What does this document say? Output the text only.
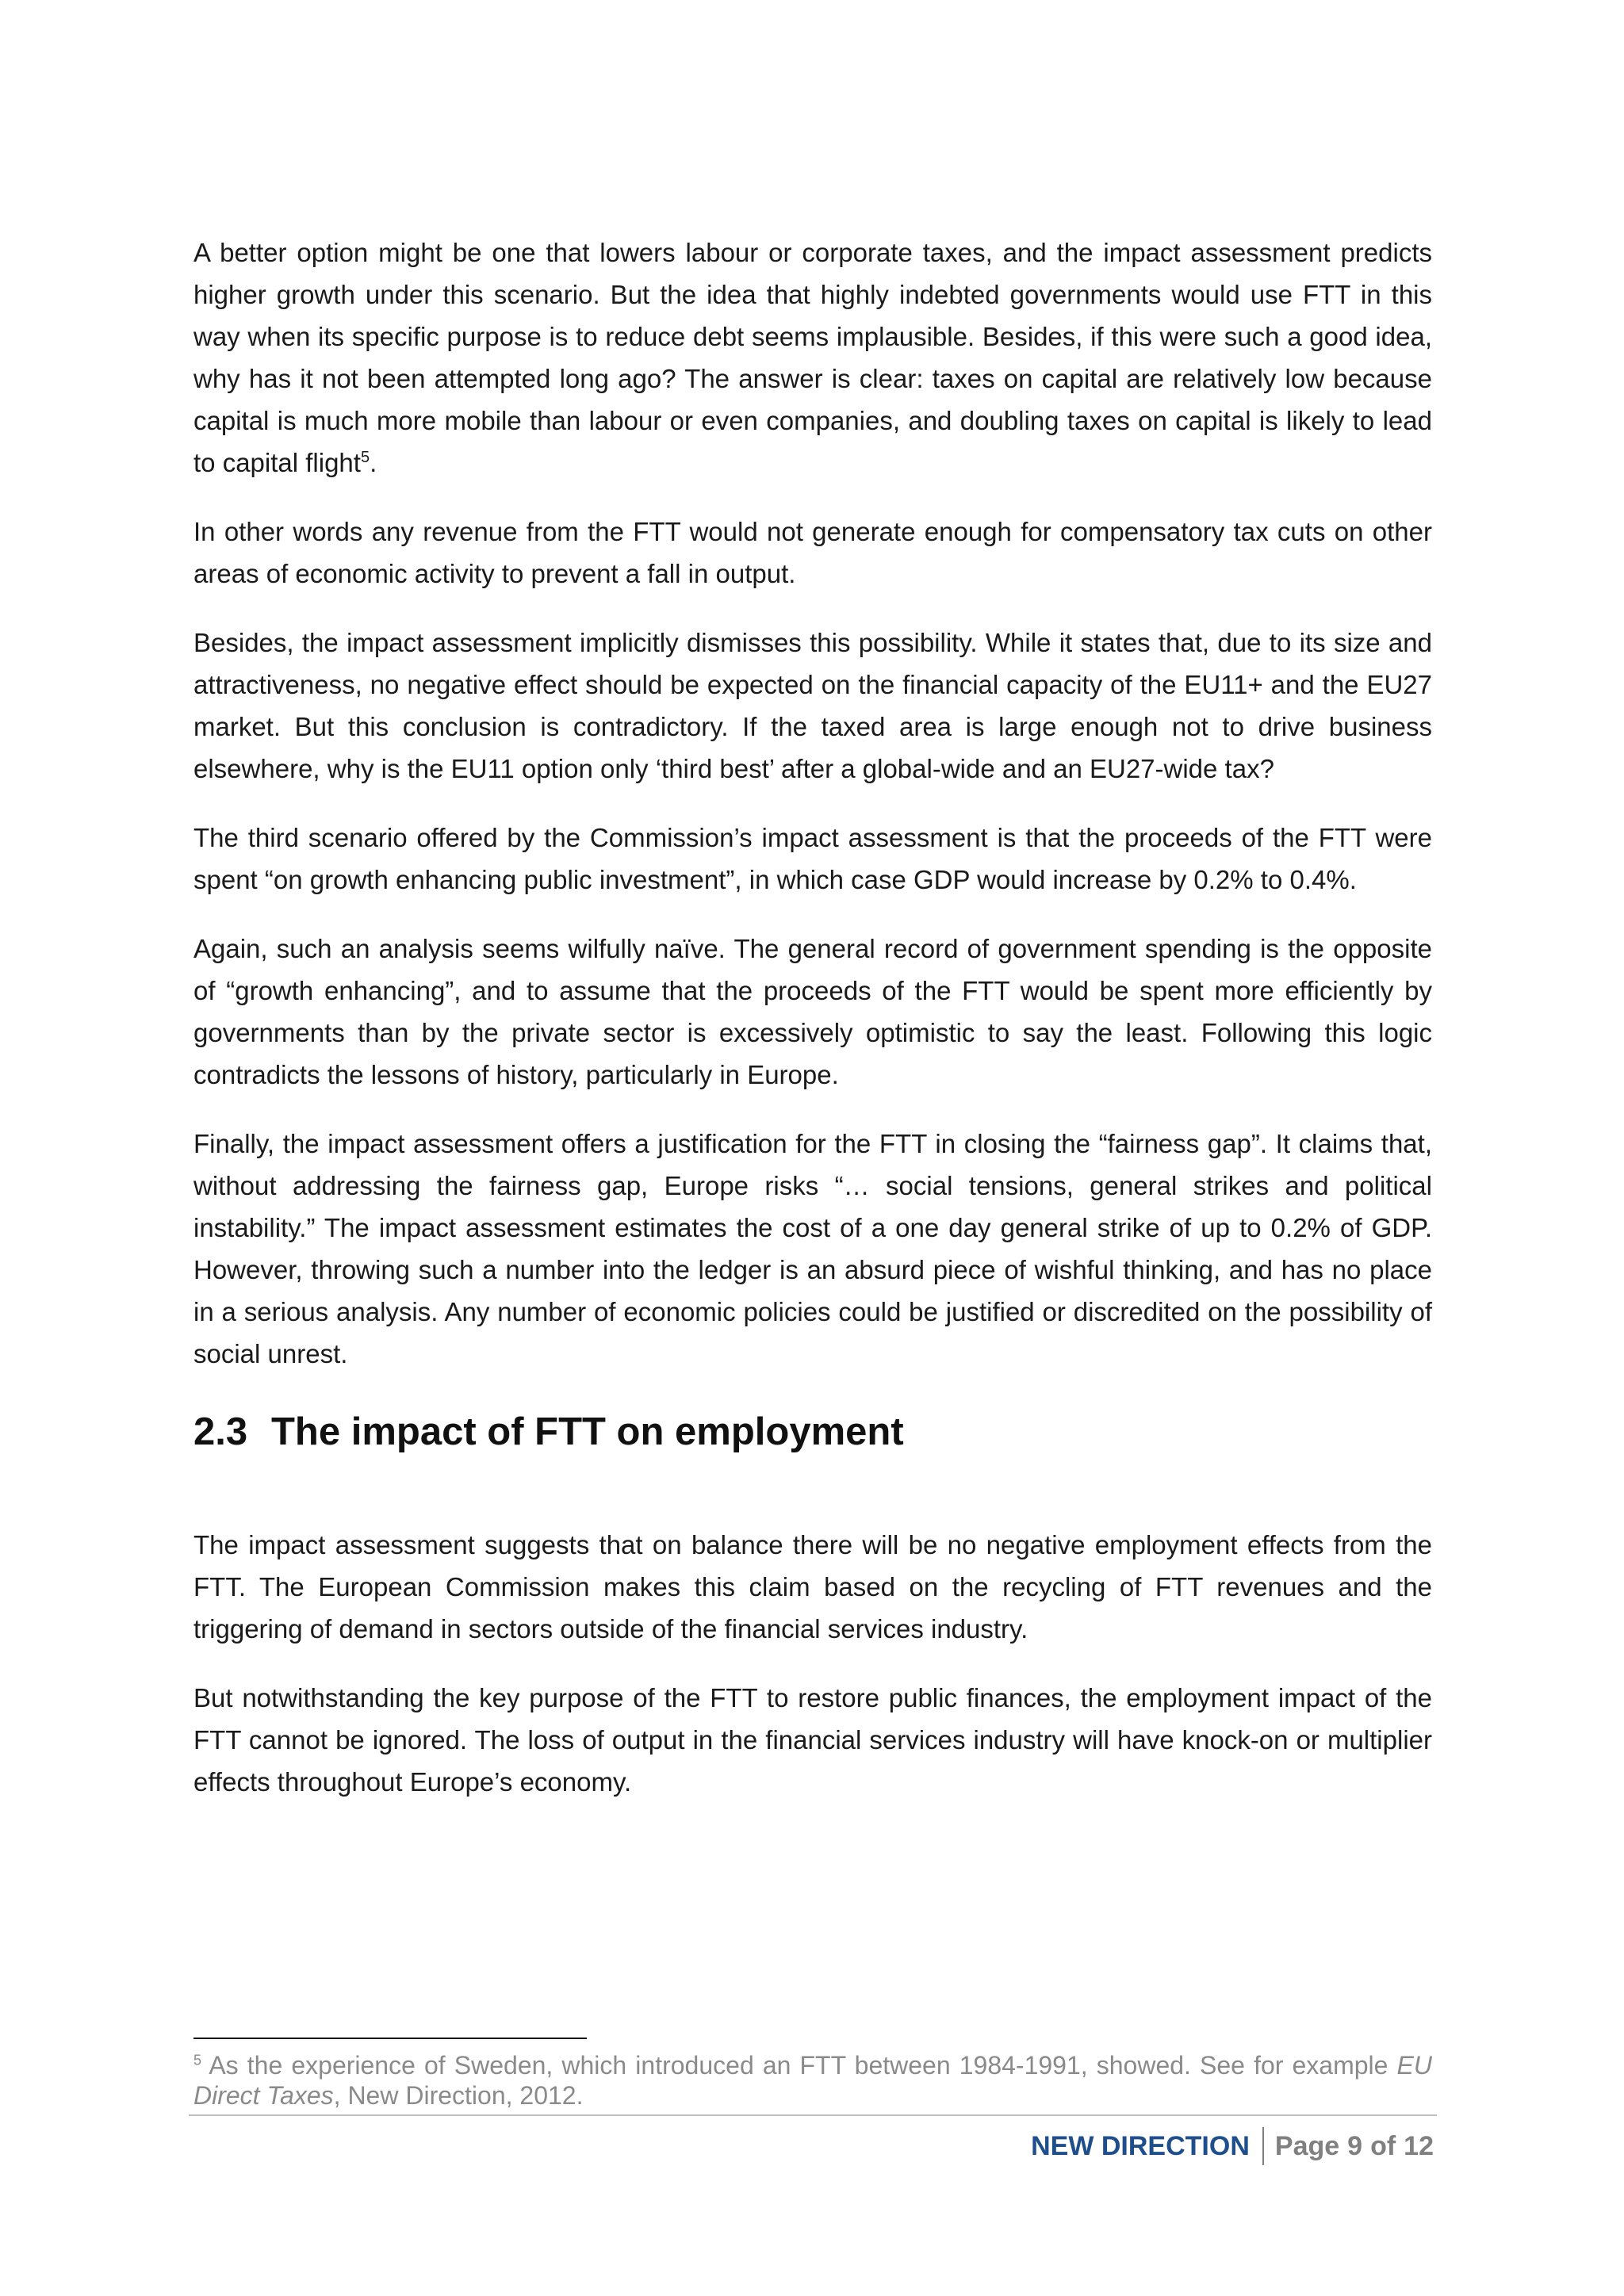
A better option might be one that lowers labour or corporate taxes, and the impact assessment predicts higher growth under this scenario. But the idea that highly indebted governments would use FTT in this way when its specific purpose is to reduce debt seems implausible. Besides, if this were such a good idea, why has it not been attempted long ago? The answer is clear: taxes on capital are relatively low because capital is much more mobile than labour or even companies, and doubling taxes on capital is likely to lead to capital flight$^5$.

In other words any revenue from the FTT would not generate enough for compensatory tax cuts on other areas of economic activity to prevent a fall in output.

Besides, the impact assessment implicitly dismisses this possibility. While it states that, due to its size and attractiveness, no negative effect should be expected on the financial capacity of the EU11+ and the EU27 market. But this conclusion is contradictory. If the taxed area is large enough not to drive business elsewhere, why is the EU11 option only ‘third best’ after a global-wide and an EU27-wide tax?

The third scenario offered by the Commission’s impact assessment is that the proceeds of the FTT were spent “on growth enhancing public investment”, in which case GDP would increase by 0.2% to 0.4%.

Again, such an analysis seems wilfully naïve. The general record of government spending is the opposite of “growth enhancing”, and to assume that the proceeds of the FTT would be spent more efficiently by governments than by the private sector is excessively optimistic to say the least. Following this logic contradicts the lessons of history, particularly in Europe.

Finally, the impact assessment offers a justification for the FTT in closing the “fairness gap”. It claims that, without addressing the fairness gap, Europe risks “… social tensions, general strikes and political instability.” The impact assessment estimates the cost of a one day general strike of up to 0.2% of GDP. However, throwing such a number into the ledger is an absurd piece of wishful thinking, and has no place in a serious analysis. Any number of economic policies could be justified or discredited on the possibility of social unrest.

2.3 The impact of FTT on employment

The impact assessment suggests that on balance there will be no negative employment effects from the FTT. The European Commission makes this claim based on the recycling of FTT revenues and the triggering of demand in sectors outside of the financial services industry.

But notwithstanding the key purpose of the FTT to restore public finances, the employment impact of the FTT cannot be ignored. The loss of output in the financial services industry will have knock-on or multiplier effects throughout Europe’s economy.

$^5$ As the experience of Sweden, which introduced an FTT between 1984-1991, showed. See for example EU Direct Taxes, New Direction, 2012.
NEW DIRECTION Page 9 of 12
